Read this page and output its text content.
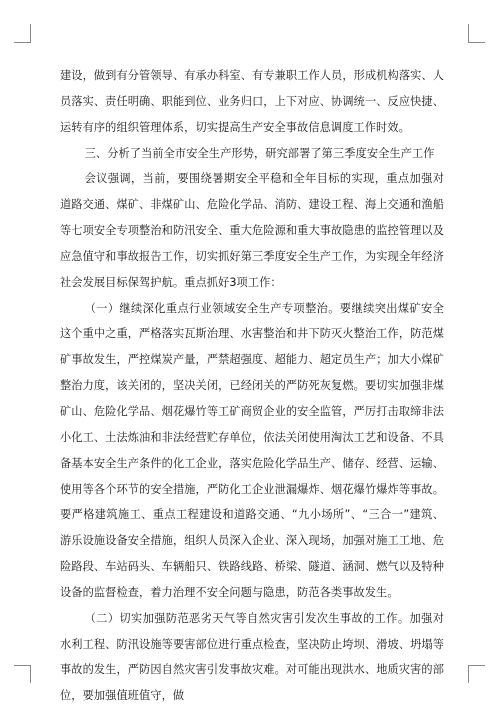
建设，做到有分管领导、有承办科室、有专兼职工作人员，形成机构落实、人员落实、责任明确、职能到位、业务归口，上下对应、协调统一、反应快捷、运转有序的组织管理体系，切实提高生产安全事故信息调度工作时效。

三、分析了当前全市安全生产形势，研究部署了第三季度安全生产工作

会议强调，当前，要围绕暑期安全平稳和全年目标的实现，重点加强对道路交通、煤矿、非煤矿山、危险化学品、消防、建设工程、海上交通和渔船等七项安全专项整治和防汛安全、重大危险源和重大事故隐患的监控管理以及应急值守和事故报告工作，切实抓好第三季度安全生产工作，为实现全年经济社会发展目标保驾护航。重点抓好3项工作：

（一）继续深化重点行业领域安全生产专项整治。要继续突出煤矿安全这个重中之重，严格落实瓦斯治理、水害整治和井下防灭火整治工作，防范煤矿事故发生，严控煤炭产量，严禁超强度、超能力、超定员生产；加大小煤矿整治力度，该关闭的，坚决关闭，已经闭关的严防死灰复燃。要切实加强非煤矿山、危险化学品、烟花爆竹等工矿商贸企业的安全监管，严厉打击取缔非法小化工、土法炼油和非法经营贮存单位，依法关闭使用淘汰工艺和设备、不具备基本安全生产条件的化工企业，落实危险化学品生产、储存、经营、运输、使用等各个环节的安全措施，严防化工企业泄漏爆炸、烟花爆竹爆炸等事故。要严格建筑施工、重点工程建设和道路交通、“九小场所”、“三合一”建筑、游乐设施设备安全措施，组织人员深入企业、深入现场，加强对施工工地、危险路段、车站码头、车辆船只、铁路线路、桥梁、隧道、涵洞、燃气以及特种设备的监督检查，着力治理不安全问题与隐患，防范各类事故发生。

（二）切实加强防范恶劣天气等自然灾害引发次生事故的工作。加强对水利工程、防汛设施等要害部位进行重点检查，坚决防止垮坝、滑坡、坍塌等事故的发生，严防因自然灾害引发事故灾难。对可能出现洪水、地质灾害的部位，要加强值班值守，做
